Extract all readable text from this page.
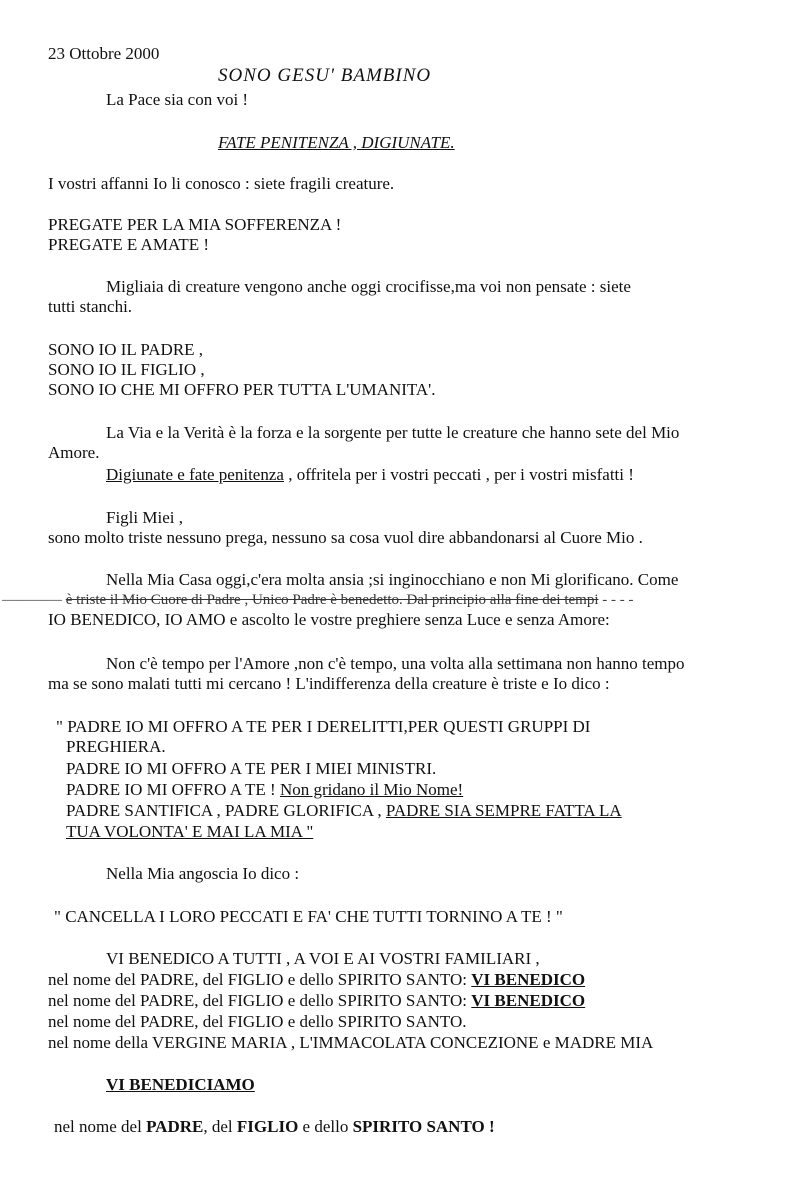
23 Ottobre 2000
SONO GESU' BAMBINO
La Pace sia con voi !
FATE PENITENZA , DIGIUNATE.
I vostri affanni Io li conosco : siete fragili creature.
PREGATE PER LA MIA SOFFERENZA !
PREGATE E AMATE !
Migliaia di creature vengono anche oggi crocifisse,ma voi non pensate : siete
tutti stanchi.
SONO IO IL PADRE ,
SONO IO IL FIGLIO ,
SONO IO CHE MI OFFRO PER TUTTA L'UMANITA'.
La Via e la Verità è la forza e la sorgente per tutte le creature che hanno sete del Mio
Amore.
Digiunate e fate penitenza , offritela per i vostri peccati , per i vostri misfatti !
Figli Miei ,
sono molto triste nessuno prega, nessuno sa cosa vuol dire abbandonarsi al Cuore Mio .
Nella Mia Casa oggi,c'era molta ansia ;si inginocchiano e non Mi glorificano. Come
———— è triste il Mio Cuore di Padre , Unico Padre è benedetto. Dal principio alla fine dei tempi - - - -
IO BENEDICO, IO AMO e ascolto le vostre preghiere senza Luce e senza Amore:
Non c'è tempo per l'Amore ,non c'è tempo, una volta alla settimana non hanno tempo
ma se sono malati tutti mi cercano ! L'indifferenza della creature è triste e Io dico :
" PADRE IO MI OFFRO A TE PER I DERELITTI,PER QUESTI GRUPPI DI
PREGHIERA.
PADRE IO MI OFFRO A TE PER I MIEI MINISTRI.
PADRE IO MI OFFRO A TE ! Non gridano il Mio Nome!
PADRE SANTIFICA , PADRE GLORIFICA , PADRE SIA SEMPRE FATTA LA
TUA VOLONTA' E MAI LA MIA "
Nella Mia angoscia Io dico :
" CANCELLA I LORO PECCATI E FA' CHE TUTTI TORNINO A TE ! "
VI BENEDICO A TUTTI , A VOI E AI VOSTRI FAMILIARI ,
nel nome del PADRE, del FIGLIO e dello SPIRITO SANTO: VI BENEDICO
nel nome del PADRE, del FIGLIO e dello SPIRITO SANTO: VI BENEDICO
nel nome del PADRE, del FIGLIO e dello SPIRITO SANTO.
nel nome della VERGINE MARIA , L'IMMACOLATA CONCEZIONE e MADRE MIA
VI BENEDICIAMO
nel nome del PADRE, del FIGLIO e dello SPIRITO SANTO !
